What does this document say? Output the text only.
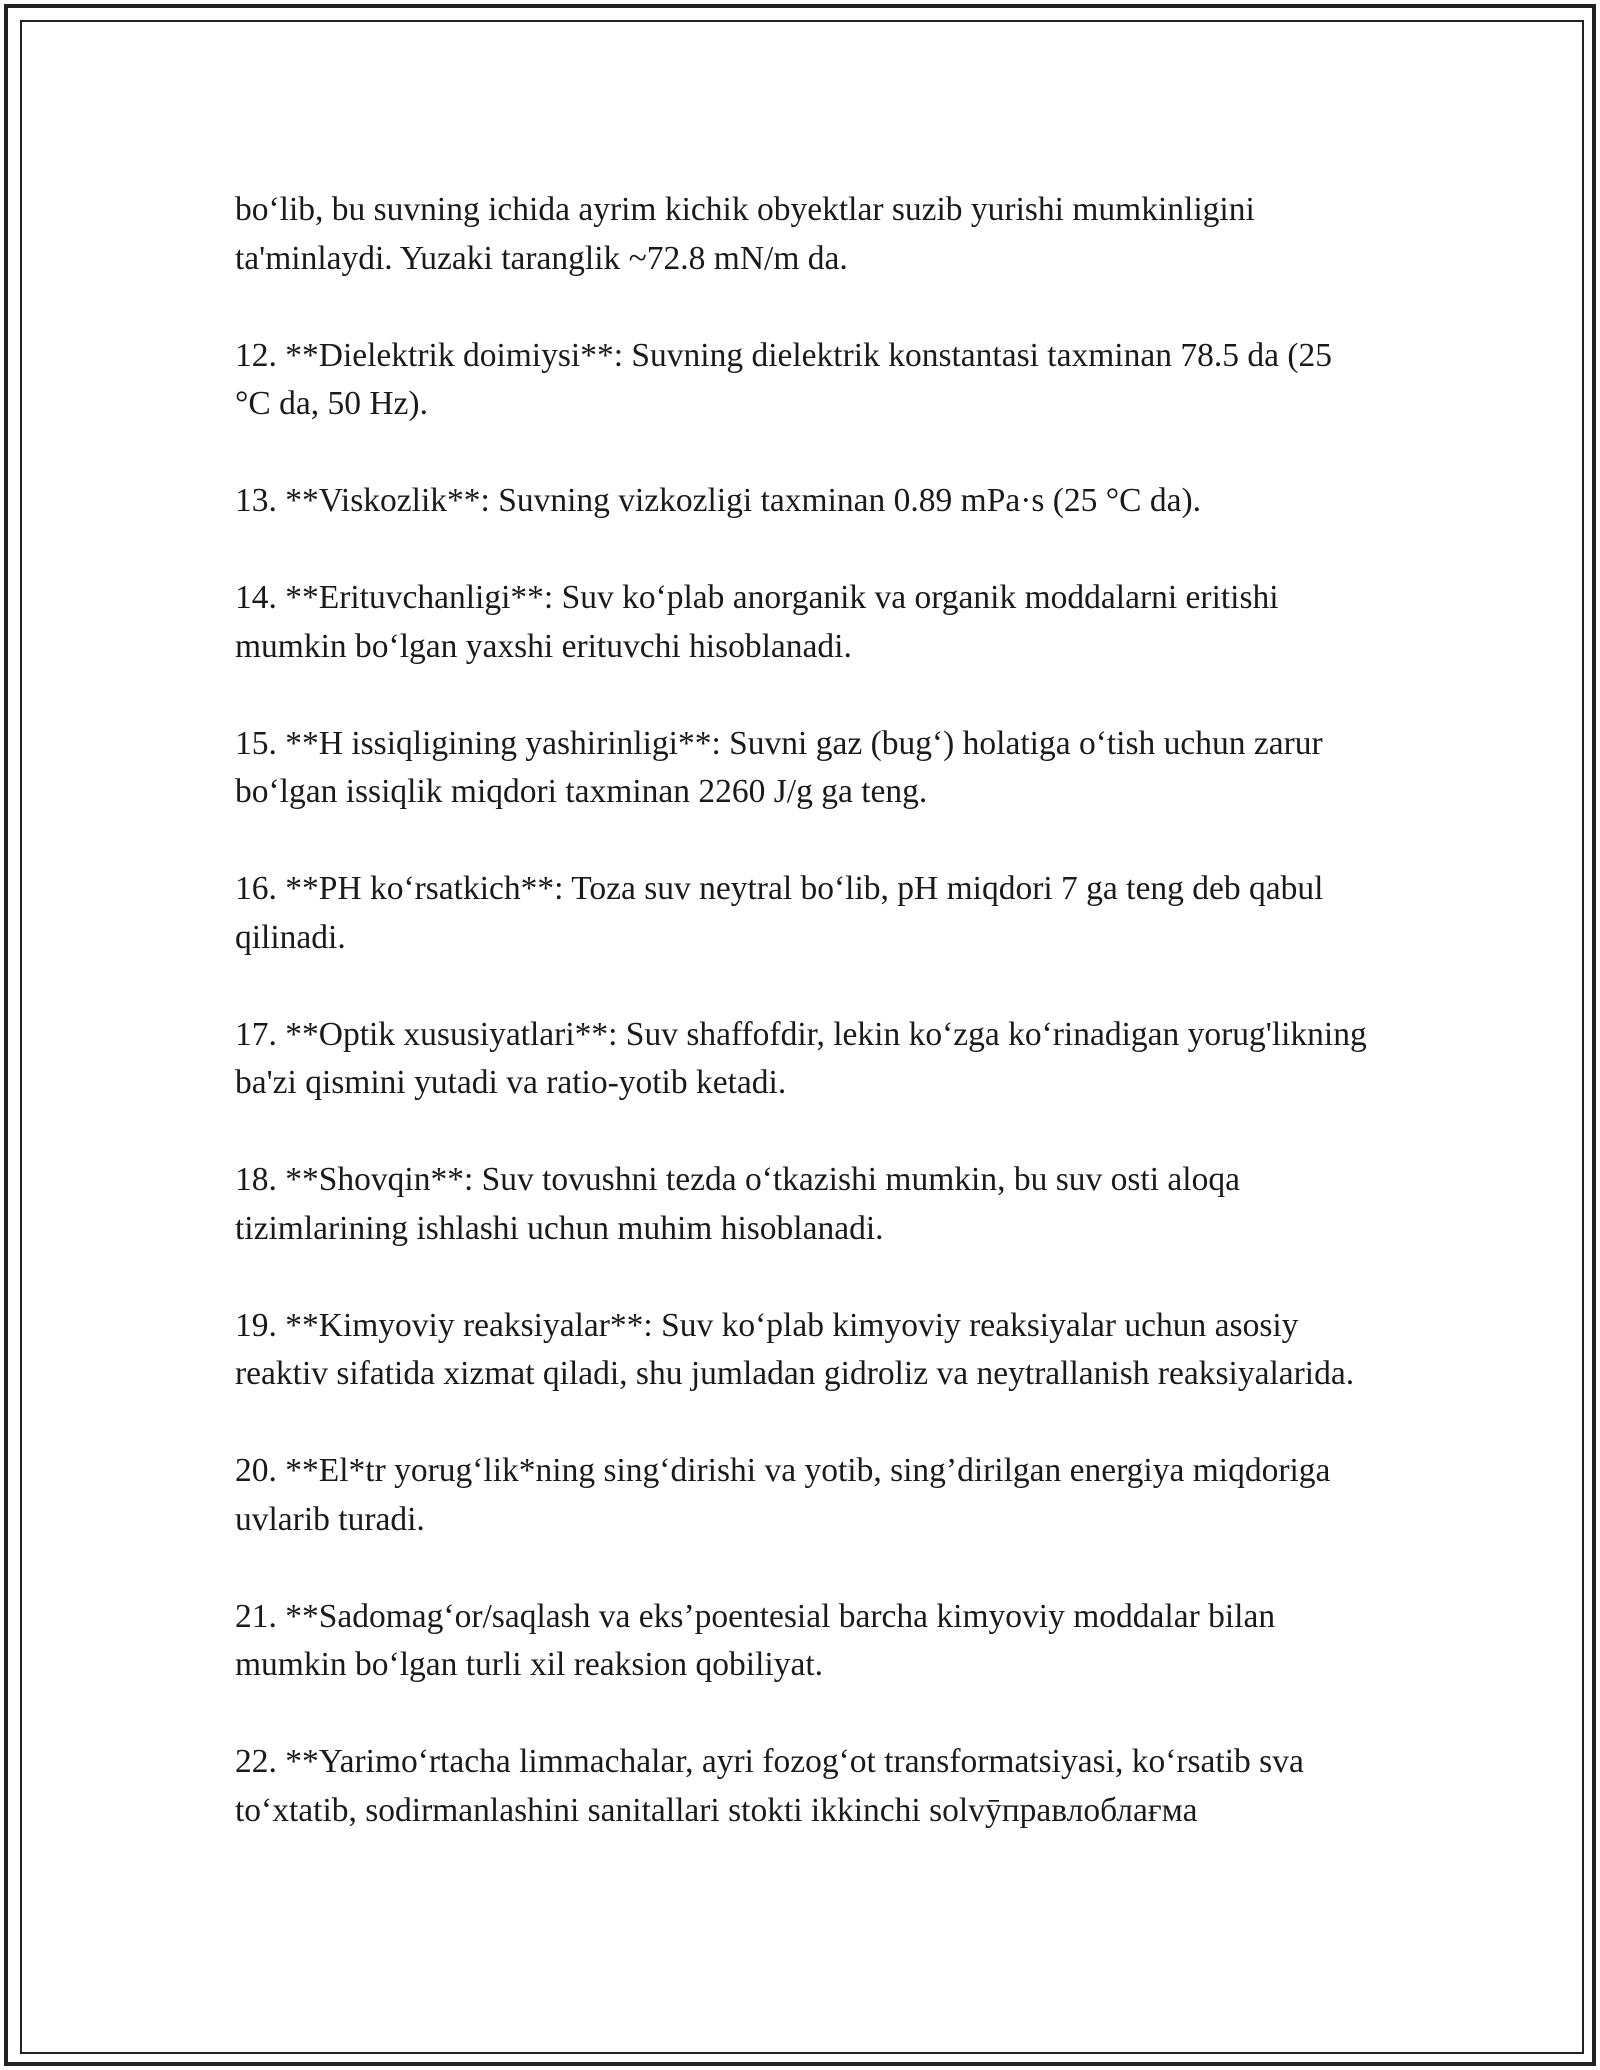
bo‘lib, bu suvning ichida ayrim kichik obyektlar suzib yurishi mumkinligini ta'minlaydi. Yuzaki taranglik ~72.8 mN/m da.

12. **Dielektrik doimiysi**: Suvning dielektrik konstantasi taxminan 78.5 da (25 °C da, 50 Hz).

13. **Viskozlik**: Suvning vizkozligi taxminan 0.89 mPa·s (25 °C da).

14. **Erituvchanligi**: Suv ko‘plab anorganik va organik moddalarni eritishi mumkin bo‘lgan yaxshi erituvchi hisoblanadi.

15. **H issiqligining yashirinligi**: Suvni gaz (bug‘) holatiga o‘tish uchun zarur bo‘lgan issiqlik miqdori taxminan 2260 J/g ga teng.

16. **PH ko‘rsatkich**: Toza suv neytral bo‘lib, pH miqdori 7 ga teng deb qabul qilinadi.

17. **Optik xususiyatlari**: Suv shaffofdir, lekin ko‘zga ko‘rinadigan yorug'likning ba'zi qismini yutadi va ratio-yotib ketadi.

18. **Shovqin**: Suv tovushni tezda o‘tkazishi mumkin, bu suv osti aloqa tizimlarining ishlashi uchun muhim hisoblanadi.

19. **Kimyoviy reaksiyalar**: Suv ko‘plab kimyoviy reaksiyalar uchun asosiy reaktiv sifatida xizmat qiladi, shu jumladan gidroliz va neytrallanish reaksiyalarida.

20. **El*tr yorug‘lik*ning sing‘dirishi va yotib, sing’dirilgan energiya miqdoriga uvlarib turadi.

21. **Sadomag‘or/saqlash va eks’poentesial barcha kimyoviy moddalar bilan mumkin bo‘lgan turli xil reaksion qobiliyat.

22. **Yarimo‘rtacha limmachalar, ayri fozog‘ot transformatsiyasi, ko‘rsatib sva to‘xtatib, sodirmanlashini sanitallari stokti ikkinchi solvӯправлоблағма
